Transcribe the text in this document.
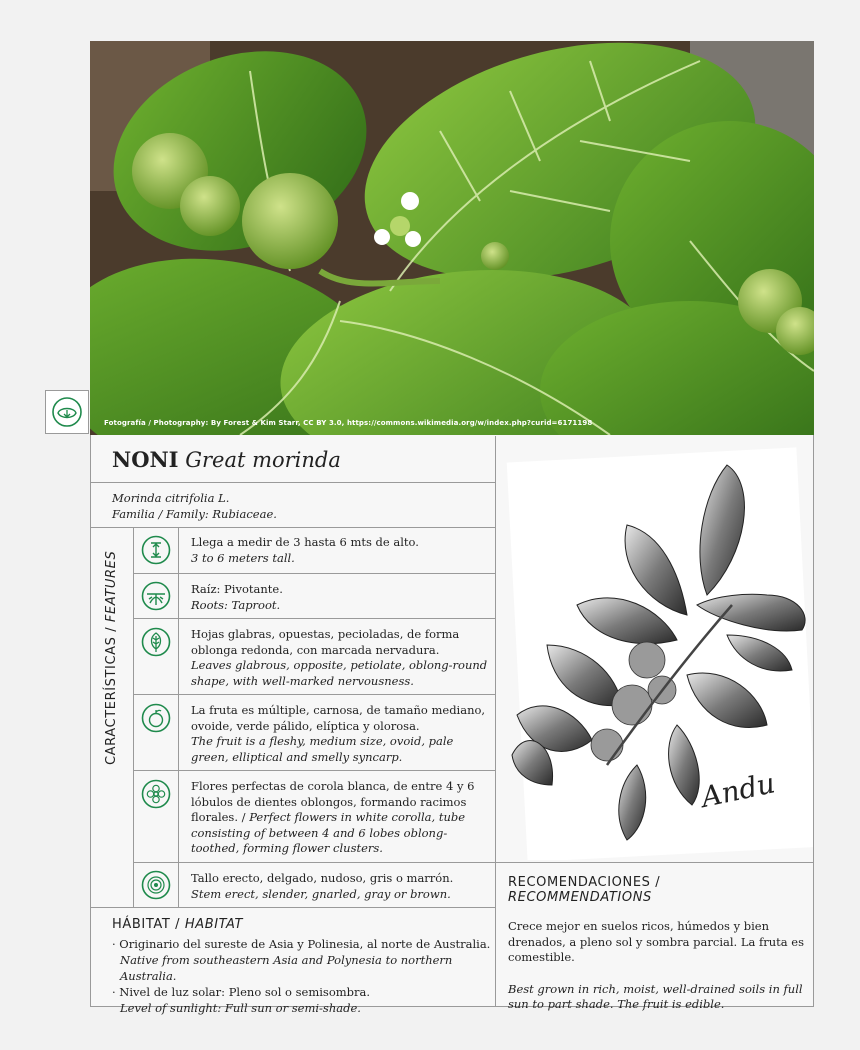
Fotografía / Photography: By Forest & Kim Starr, CC BY 3.0, https://commons.wikimedia.org/w/index.php?curid=6171198
NONI Great morinda
Morinda citrifolia L.
Familia / Family: Rubiaceae.
CARACTERÍSTICAS / FEATURES
Llega a medir de 3 hasta 6 mts de alto.
3 to 6 meters tall.
Raíz: Pivotante.
Roots: Taproot.
Hojas glabras, opuestas, pecioladas, de forma oblonga redonda, con marcada nervadura.
Leaves glabrous, opposite, petiolate, oblong-round shape, with well-marked nervousness.
La fruta es múltiple, carnosa, de tamaño mediano, ovoide, verde pálido, elíptica y olorosa.
The fruit is a fleshy, medium size, ovoid, pale green, elliptical and smelly syncarp.
Flores perfectas de corola blanca, de entre 4 y 6 lóbulos de dientes oblongos, formando racimos florales. / Perfect flowers in white corolla, tube consisting of between 4 and 6 lobes oblong-toothed, forming flower clusters.
Tallo erecto, delgado, nudoso, gris o marrón.
Stem erect, slender, gnarled, gray or brown.
HÁBITAT / HABITAT
· Originario del sureste de Asia y Polinesia, al norte de Australia.
Native from southeastern Asia and Polynesia to northern Australia.
· Nivel de luz solar: Pleno sol o semisombra.
Level of sunlight: Full sun or semi-shade.
Andu
RECOMENDACIONES / RECOMMENDATIONS

Crece mejor en suelos ricos, húmedos y bien drenados, a pleno sol y sombra parcial. La fruta es comestible.

Best grown in rich, moist, well-drained soils in full sun to part shade. The fruit is edible.
